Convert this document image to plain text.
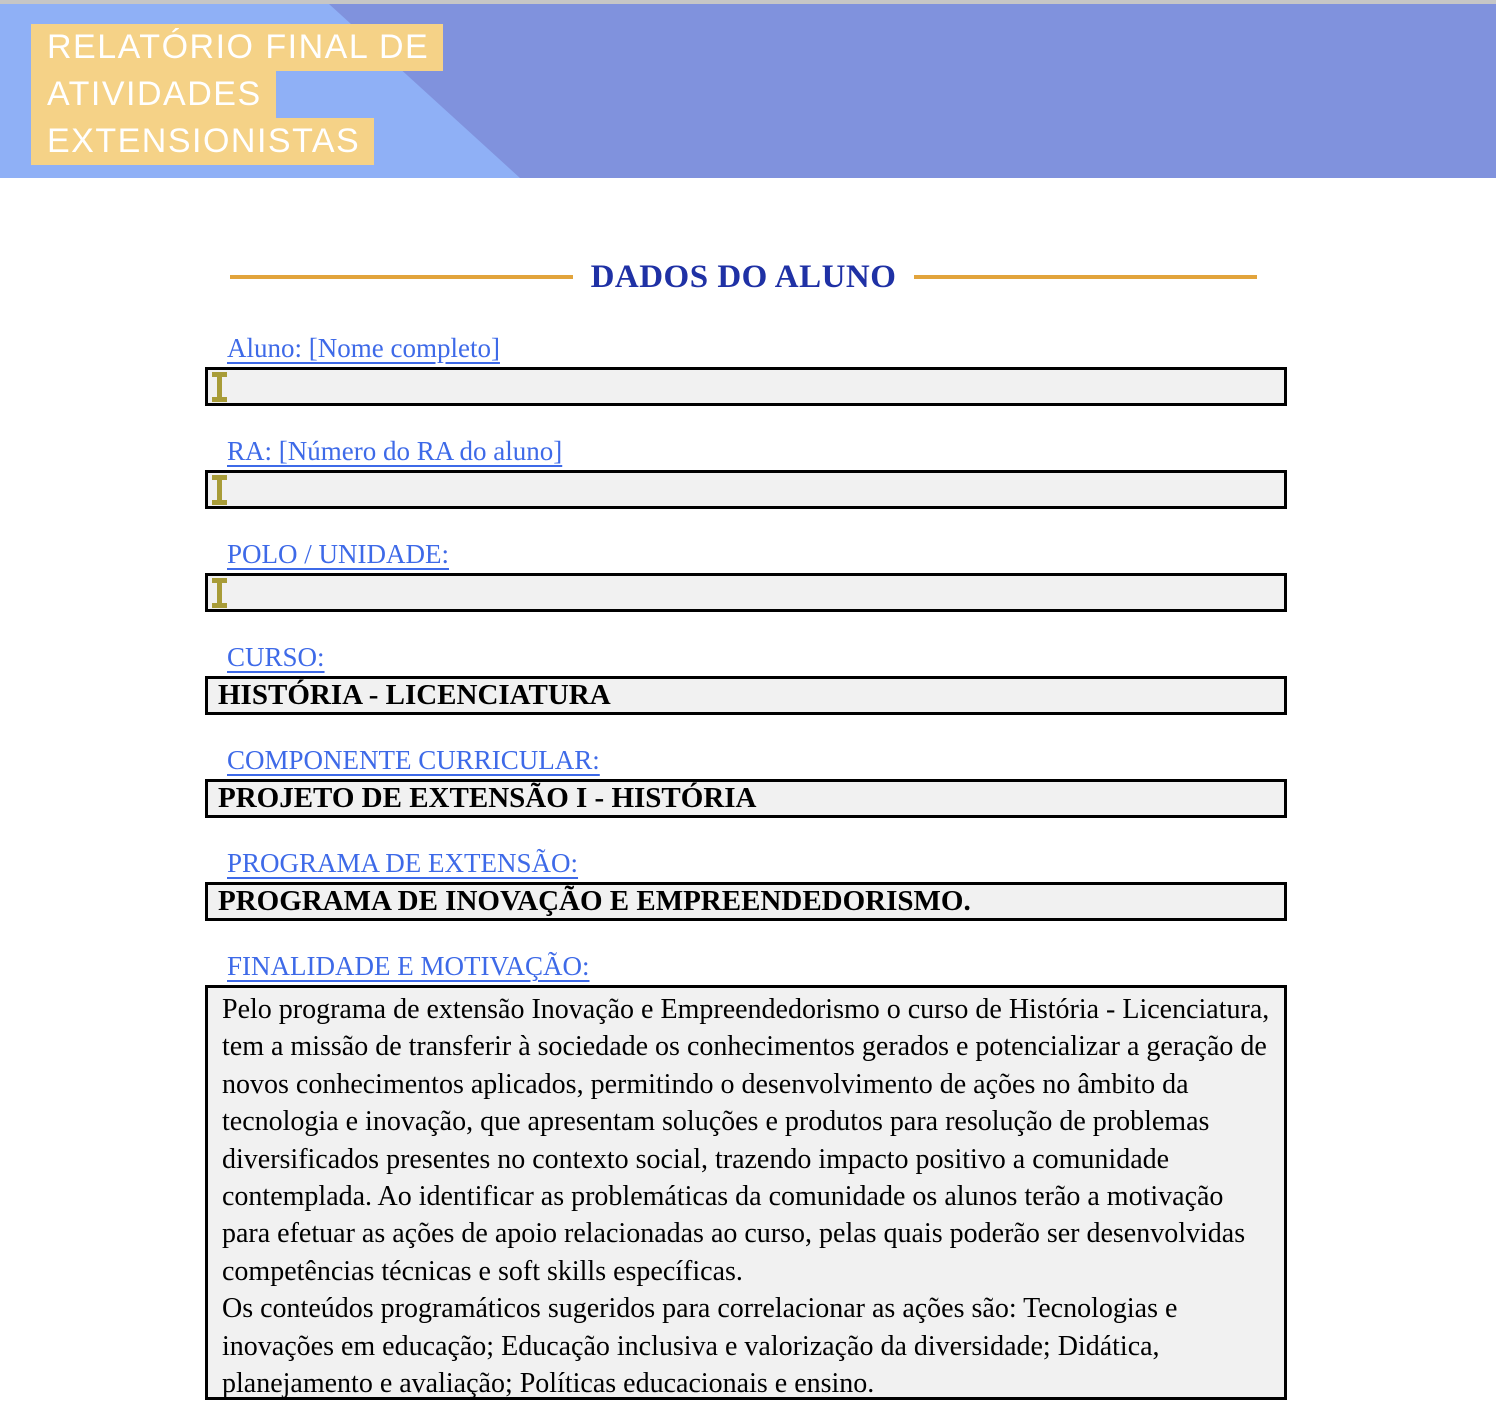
RELATÓRIO FINAL DE
ATIVIDADES
EXTENSIONISTAS
DADOS DO ALUNO
Aluno: [Nome completo]
RA: [Número do RA do aluno]
POLO / UNIDADE:
CURSO:
HISTÓRIA - LICENCIATURA
COMPONENTE CURRICULAR:
PROJETO DE EXTENSÃO I - HISTÓRIA
PROGRAMA DE EXTENSÃO:
PROGRAMA DE INOVAÇÃO E EMPREENDEDORISMO.
FINALIDADE E MOTIVAÇÃO:

Pelo programa de extensão Inovação e Empreendedorismo o curso de História - Licenciatura, tem a missão de transferir à sociedade os conhecimentos gerados e potencializar a geração de novos conhecimentos aplicados, permitindo o desenvolvimento de ações no âmbito da tecnologia e inovação, que apresentam soluções e produtos para resolução de problemas diversificados presentes no contexto social, trazendo impacto positivo a comunidade contemplada. Ao identificar as problemáticas da comunidade os alunos terão a motivação para efetuar as ações de apoio relacionadas ao curso, pelas quais poderão ser desenvolvidas competências técnicas e soft skills específicas.

Os conteúdos programáticos sugeridos para correlacionar as ações são: Tecnologias e inovações em educação; Educação inclusiva e valorização da diversidade; Didática, planejamento e avaliação; Políticas educacionais e ensino.
